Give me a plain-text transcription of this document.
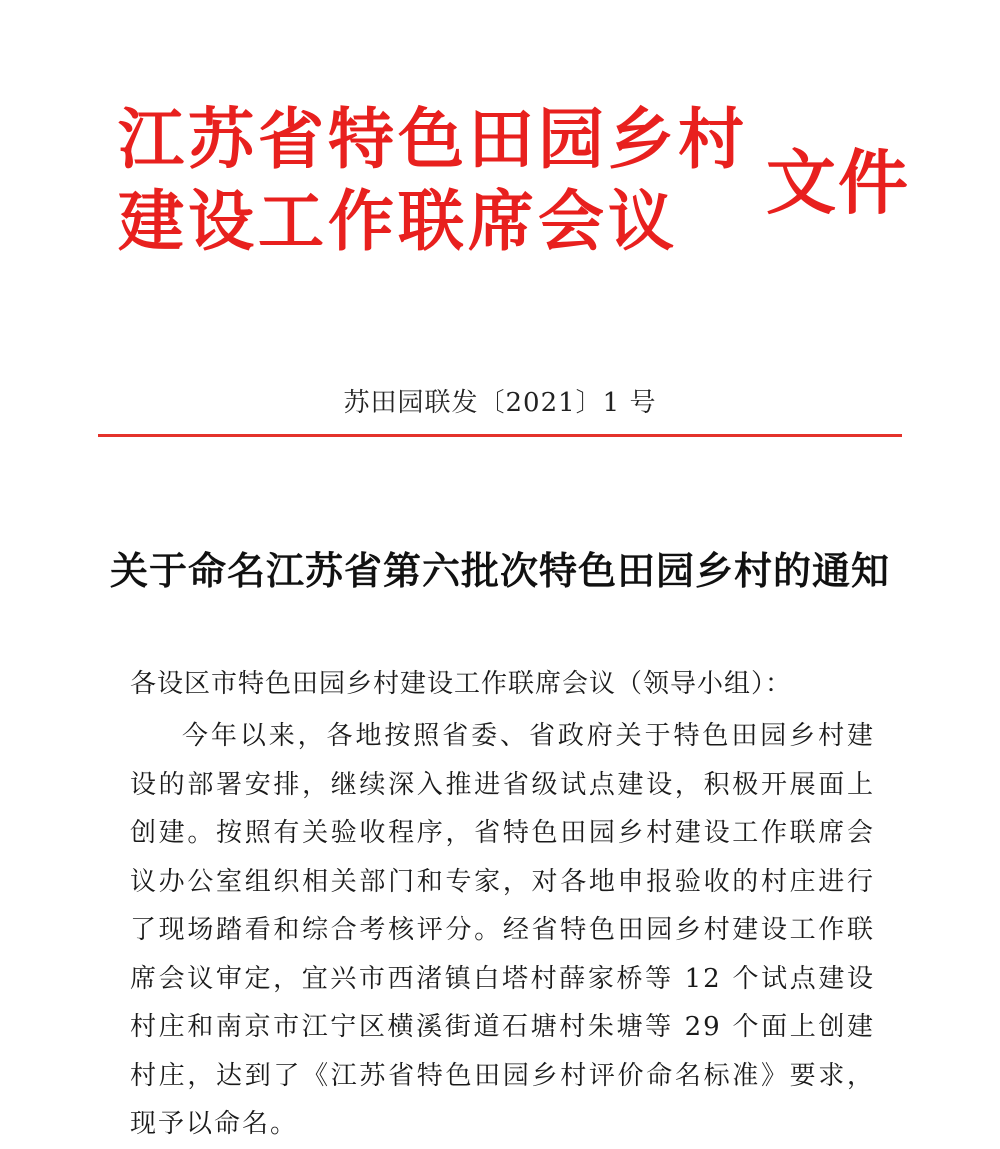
江苏省特色田园乡村
建设工作联席会议	文件
苏田园联发〔2021〕1 号
关于命名江苏省第六批次特色田园乡村的通知

各设区市特色田园乡村建设工作联席会议（领导小组）：

今年以来，各地按照省委、省政府关于特色田园乡村建设的部署安排，继续深入推进省级试点建设，积极开展面上创建。按照有关验收程序，省特色田园乡村建设工作联席会议办公室组织相关部门和专家，对各地申报验收的村庄进行了现场踏看和综合考核评分。经省特色田园乡村建设工作联席会议审定，宜兴市西渚镇白塔村薛家桥等 12 个试点建设村庄和南京市江宁区横溪街道石塘村朱塘等 29 个面上创建村庄，达到了《江苏省特色田园乡村评价命名标准》要求，现予以命名。
